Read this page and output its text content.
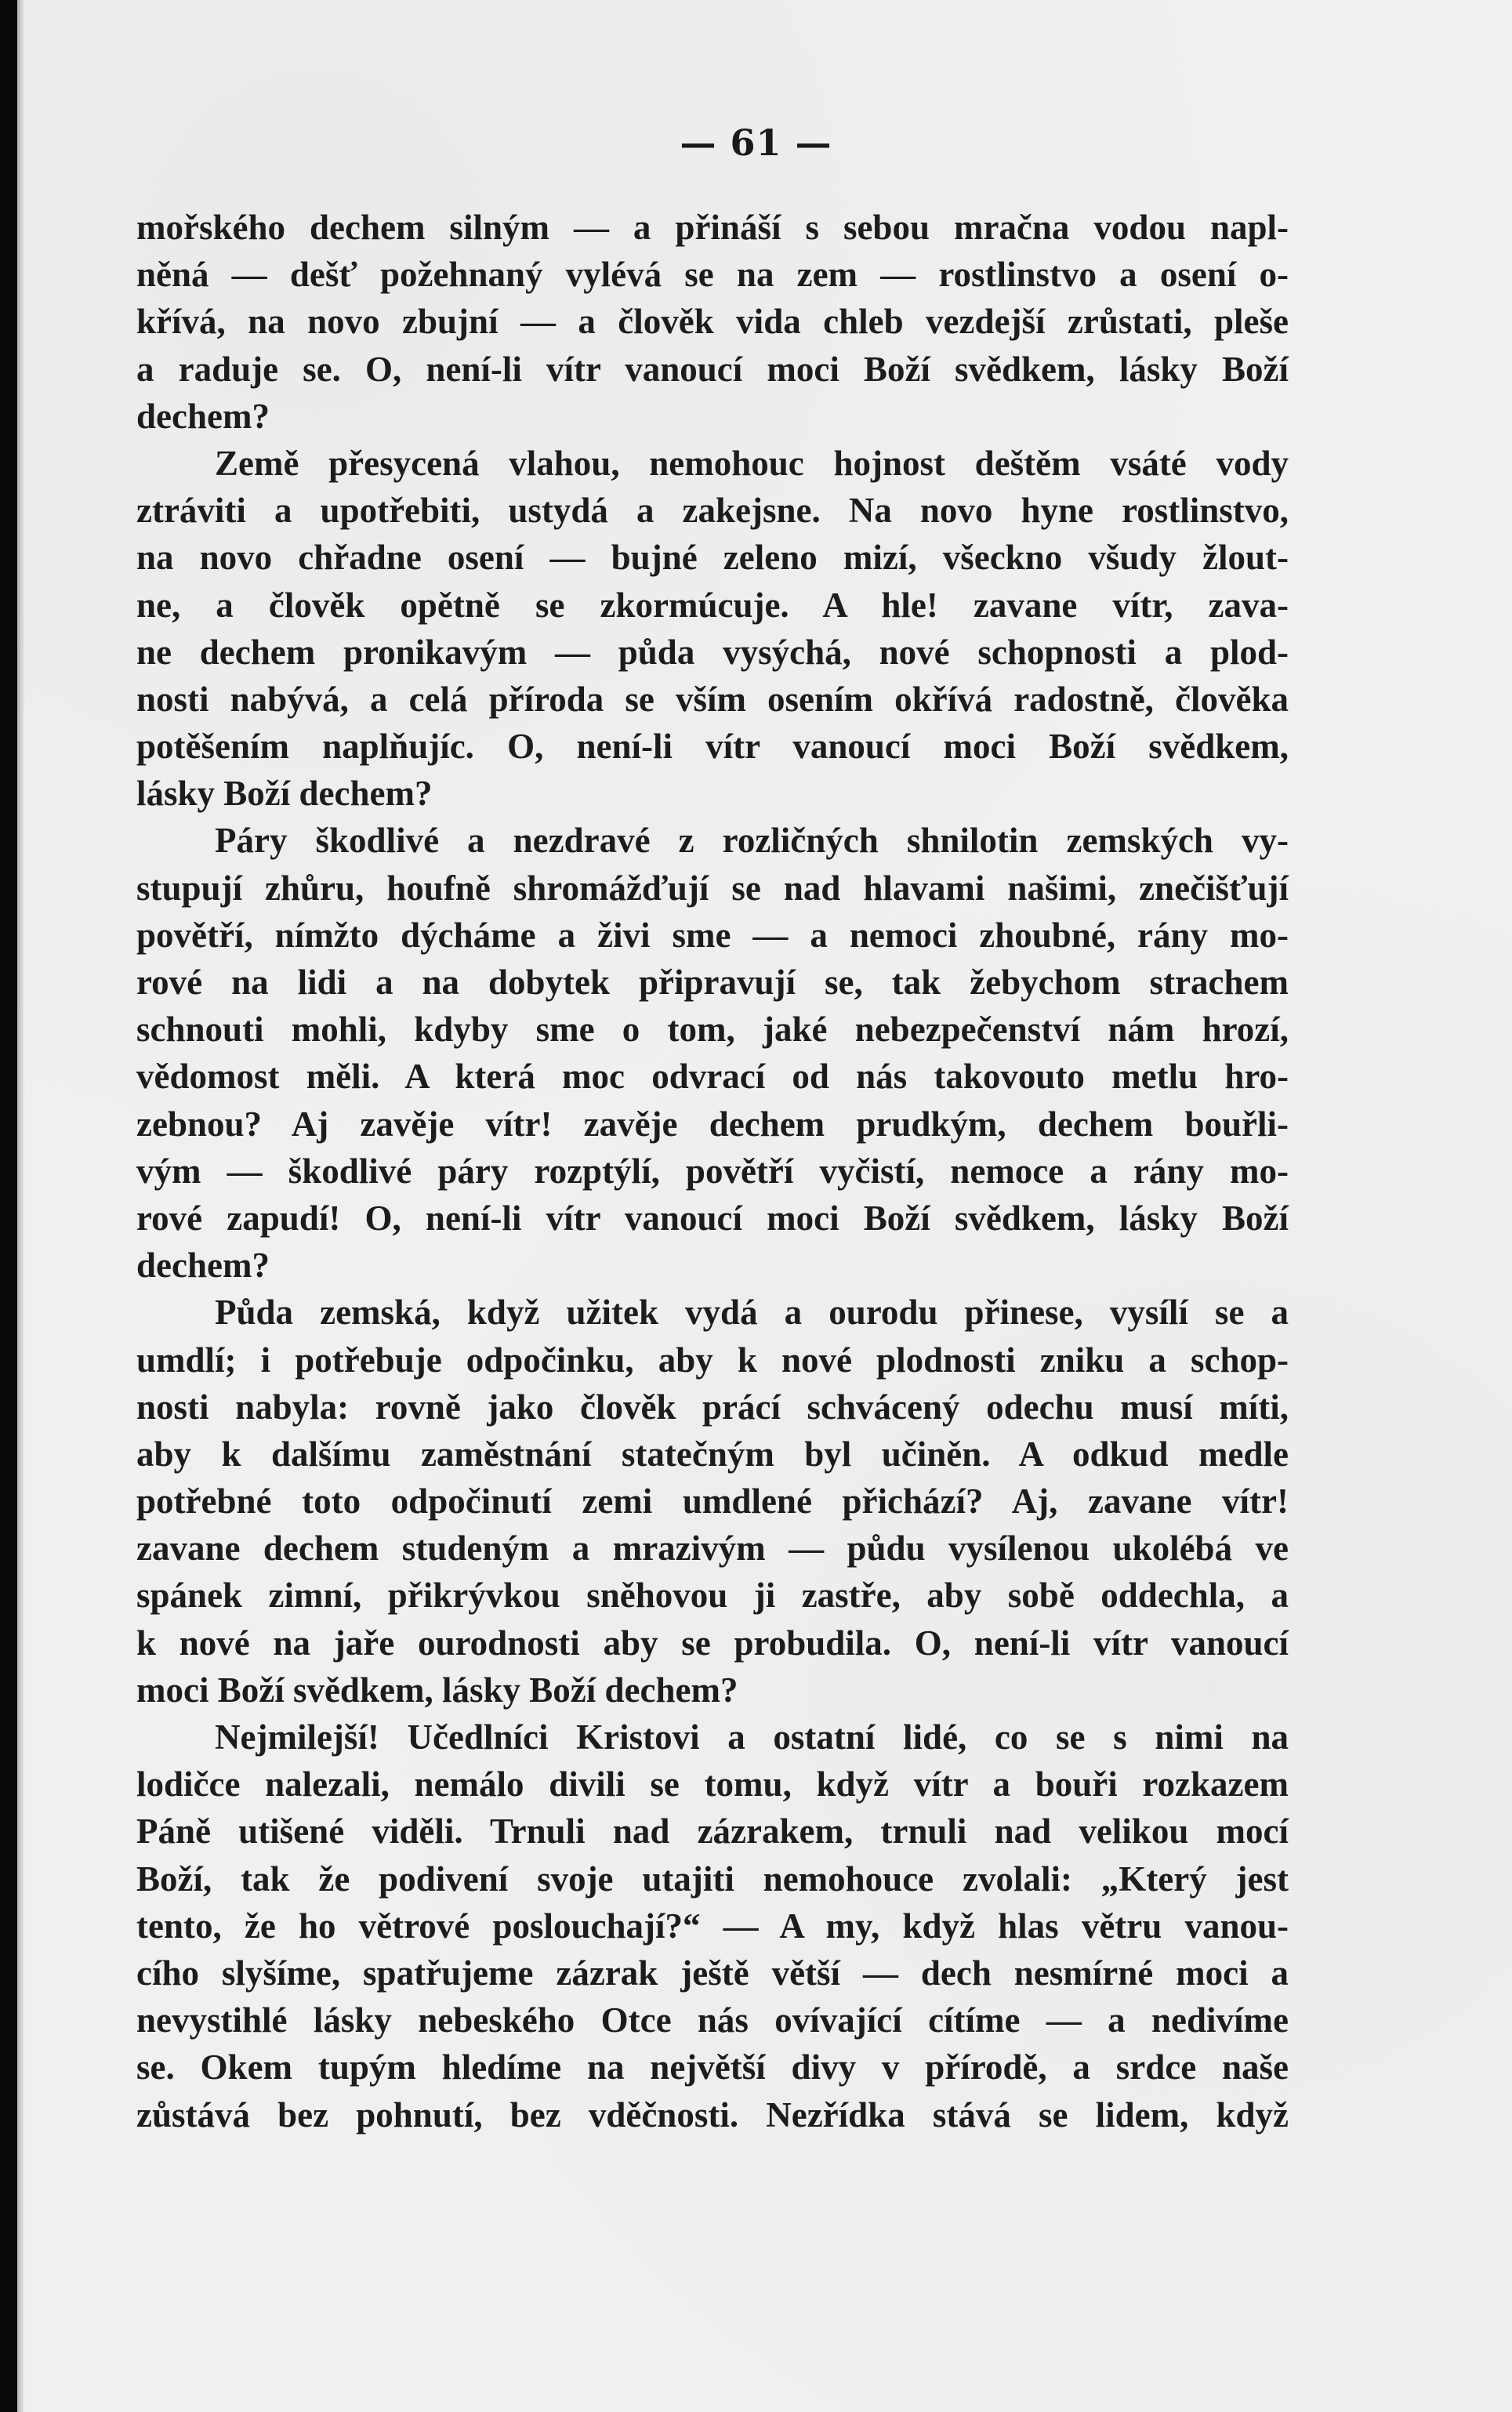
— 61 —
mořského dechem silným — a přináší s sebou mračna vodou napl-
něná — dešť požehnaný vylévá se na zem — rostlinstvo a osení o-
křívá, na novo zbujní — a člověk vida chleb vezdejší zrůstati, pleše
a raduje se. O, není-li vítr vanoucí moci Boží svědkem, lásky Boží
dechem?
Země přesycená vlahou, nemohouc hojnost deštěm vsáté vody
ztráviti a upotřebiti, ustydá a zakejsne. Na novo hyne rostlinstvo,
na novo chřadne osení — bujné zeleno mizí, všeckno všudy žlout-
ne, a člověk opětně se zkormúcuje. A hle! zavane vítr, zava-
ne dechem pronikavým — půda vysýchá, nové schopnosti a plod-
nosti nabývá, a celá příroda se vším osením okřívá radostně, člověka
potěšením naplňujíc. O, není-li vítr vanoucí moci Boží svědkem,
lásky Boží dechem?
Páry škodlivé a nezdravé z rozličných shnilotin zemských vy-
stupují zhůru, houfně shromážďují se nad hlavami našimi, znečišťují
povětří, nímžto dýcháme a živi sme — a nemoci zhoubné, rány mo-
rové na lidi a na dobytek připravují se, tak žebychom strachem
schnouti mohli, kdyby sme o tom, jaké nebezpečenství nám hrozí,
vědomost měli. A která moc odvrací od nás takovouto metlu hro-
zebnou? Aj zavěje vítr! zavěje dechem prudkým, dechem bouřli-
vým — škodlivé páry rozptýlí, povětří vyčistí, nemoce a rány mo-
rové zapudí! O, není-li vítr vanoucí moci Boží svědkem, lásky Boží
dechem?
Půda zemská, když užitek vydá a ourodu přinese, vysílí se a
umdlí; i potřebuje odpočinku, aby k nové plodnosti zniku a schop-
nosti nabyla: rovně jako člověk prácí schvácený odechu musí míti,
aby k dalšímu zaměstnání statečným byl učiněn. A odkud medle
potřebné toto odpočinutí zemi umdlené přichází? Aj, zavane vítr!
zavane dechem studeným a mrazivým — půdu vysílenou ukolébá ve
spánek zimní, přikrývkou sněhovou ji zastře, aby sobě oddechla, a
k nové na jaře ourodnosti aby se probudila. O, není-li vítr vanoucí
moci Boží svědkem, lásky Boží dechem?
Nejmilejší! Učedlníci Kristovi a ostatní lidé, co se s nimi na
lodičce nalezali, nemálo divili se tomu, když vítr a bouři rozkazem
Páně utišené viděli. Trnuli nad zázrakem, trnuli nad velikou mocí
Boží, tak že podivení svoje utajiti nemohouce zvolali: „Který jest
tento, že ho větrové poslouchají?“ — A my, když hlas větru vanou-
cího slyšíme, spatřujeme zázrak ještě větší — dech nesmírné moci a
nevystihlé lásky nebeského Otce nás ovívající cítíme — a nedivíme
se. Okem tupým hledíme na největší divy v přírodě, a srdce naše
zůstává bez pohnutí, bez vděčnosti. Nezřídka stává se lidem, když
